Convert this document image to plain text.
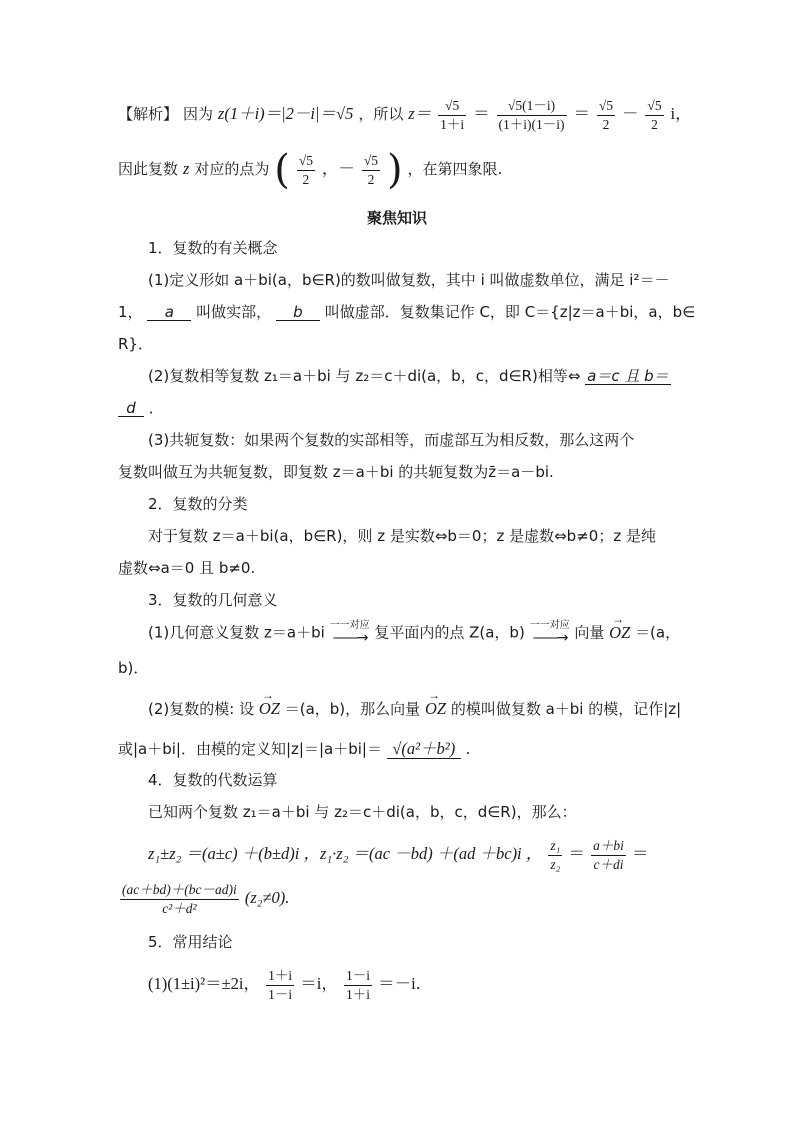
【解析】 因为 z(1＋i)＝|2－i|＝√5 ，所以 $z= \frac{√5}{1+i} = \frac{√5(1-i)}{(1+i)(1-i)} = \frac{√5}{2} - \frac{√5}{2}$ i，
因此复数 z 对应的点为 ( $\frac{√5}{2}$ ，－ $\frac{√5}{2}$ ) ，在第四象限.
聚焦知识
1．复数的有关概念
(1)定义形如 a＋bi(a，b∈R)的数叫做复数，其中 i 叫做虚数单位，满足 i²＝－
1， a 叫做实部， b 叫做虚部．复数集记作 C，即 C＝{z|z＝a＋bi，a，b∈
R}．
(2)复数相等复数 z₁＝a＋bi 与 z₂＝c＋di(a，b，c，d∈R)相等⇔ a＝c 且 b＝
d ．
(3)共轭复数：如果两个复数的实部相等，而虚部互为相反数，那么这两个
复数叫做互为共轭复数，即复数 z＝a＋bi 的共轭复数为z̄＝a－bi.
2．复数的分类
对于复数 z＝a＋bi(a，b∈R)，则 z 是实数⇔b＝0；z 是虚数⇔b≠0；z 是纯
虚数⇔a＝0 且 b≠0.
3．复数的几何意义
(1)几何意义复数 z＝a＋bi 一一对应
——→ 复平面内的点 Z(a，b) 一一对应
——→ 向量 → OZ ＝(a，
b)．
(2)复数的模: 设 → OZ ＝(a，b)，那么向量 → OZ 的模叫做复数 a＋bi 的模，记作|z|
或|a＋bi|．由模的定义知|z|＝|a＋bi|＝ √(a²＋b²) .
4．复数的代数运算
已知两个复数 z₁＝a＋bi 与 z₂＝c＋di(a，b，c，d∈R)，那么：
z₁±z₂ ＝(a±c) ＋(b±d)i ，z₁·z₂ ＝(ac －bd) ＋(ad ＋bc)i ， $\frac{\text{z₁}}{\text{z₂}} = \frac{a+bi}{c+di}$ ＝
$\frac{(ac+bd)+(bc-ad)i}{\text{c²＋d²}} (z_2\ne 0)$.
5．常用结论
(1)(1±i)²＝±2i， $\frac{1+i}{1-i} =i$， $\frac{1-i}{1+i} =-i$．
